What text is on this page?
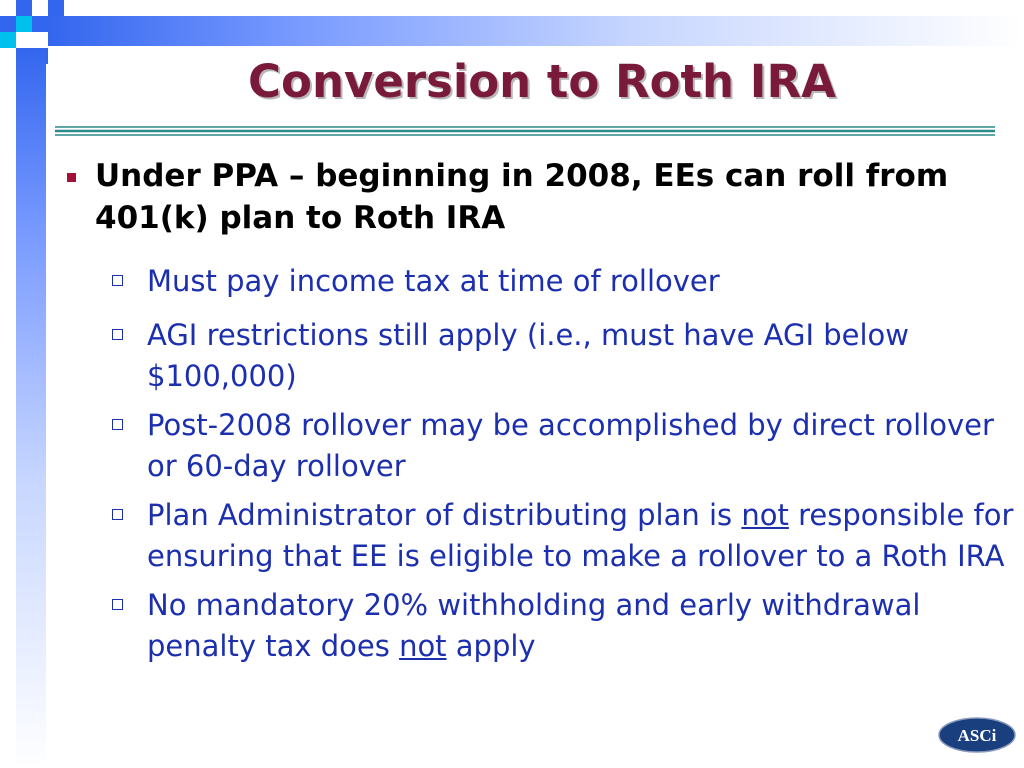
Conversion to Roth IRA
Under PPA – beginning in 2008, EEs can roll from 401(k) plan to Roth IRA
Must pay income tax at time of rollover
AGI restrictions still apply (i.e., must have AGI below $100,000)
Post-2008 rollover may be accomplished by direct rollover or 60-day rollover
Plan Administrator of distributing plan is not responsible for ensuring that EE is eligible to make a rollover to a Roth IRA
No mandatory 20% withholding and early withdrawal penalty tax does not apply
ASCi
